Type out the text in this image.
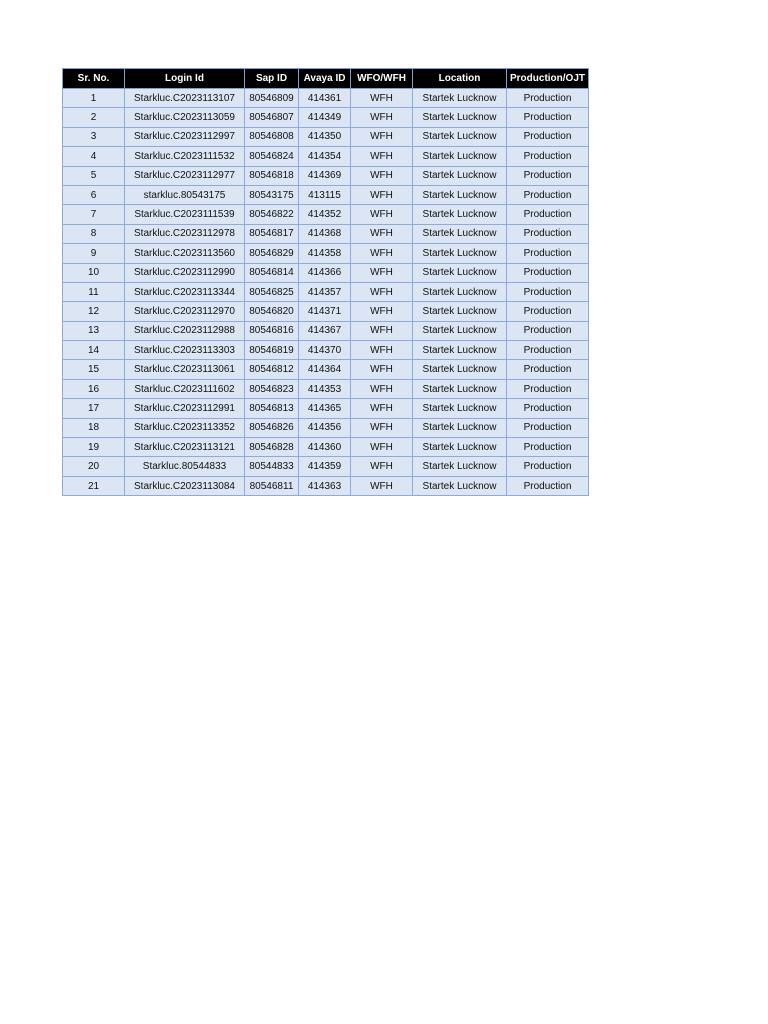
Sr. No.	Login Id	Sap ID	Avaya ID	WFO/WFH	Location	Production/OJT
1	Starkluc.C2023113107	80546809	414361	WFH	Startek Lucknow	Production
2	Starkluc.C2023113059	80546807	414349	WFH	Startek Lucknow	Production
3	Starkluc.C2023112997	80546808	414350	WFH	Startek Lucknow	Production
4	Starkluc.C2023111532	80546824	414354	WFH	Startek Lucknow	Production
5	Starkluc.C2023112977	80546818	414369	WFH	Startek Lucknow	Production
6	starkluc.80543175	80543175	413115	WFH	Startek Lucknow	Production
7	Starkluc.C2023111539	80546822	414352	WFH	Startek Lucknow	Production
8	Starkluc.C2023112978	80546817	414368	WFH	Startek Lucknow	Production
9	Starkluc.C2023113560	80546829	414358	WFH	Startek Lucknow	Production
10	Starkluc.C2023112990	80546814	414366	WFH	Startek Lucknow	Production
11	Starkluc.C2023113344	80546825	414357	WFH	Startek Lucknow	Production
12	Starkluc.C2023112970	80546820	414371	WFH	Startek Lucknow	Production
13	Starkluc.C2023112988	80546816	414367	WFH	Startek Lucknow	Production
14	Starkluc.C2023113303	80546819	414370	WFH	Startek Lucknow	Production
15	Starkluc.C2023113061	80546812	414364	WFH	Startek Lucknow	Production
16	Starkluc.C2023111602	80546823	414353	WFH	Startek Lucknow	Production
17	Starkluc.C2023112991	80546813	414365	WFH	Startek Lucknow	Production
18	Starkluc.C2023113352	80546826	414356	WFH	Startek Lucknow	Production
19	Starkluc.C2023113121	80546828	414360	WFH	Startek Lucknow	Production
20	Starkluc.80544833	80544833	414359	WFH	Startek Lucknow	Production
21	Starkluc.C2023113084	80546811	414363	WFH	Startek Lucknow	Production
